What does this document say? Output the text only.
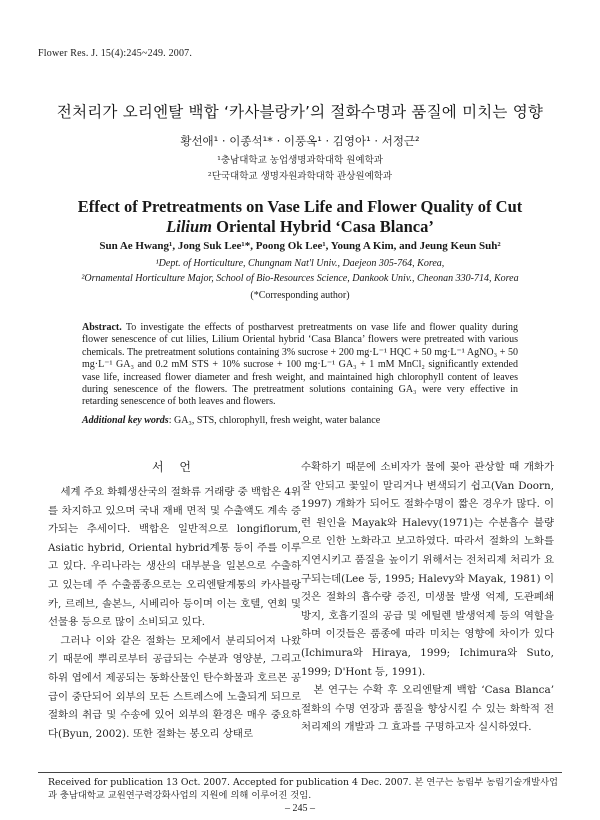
Flower Res. J. 15(4):245~249. 2007.
전처리가 오리엔탈 백합 ‘카사블랑카’의 절화수명과 품질에 미치는 영향
황선애¹ · 이종석¹* · 이풍옥¹ · 김영아¹ · 서정근²
¹충남대학교 농업생명과학대학 원예학과
²단국대학교 생명자원과학대학 관상원예학과
Effect of Pretreatments on Vase Life and Flower Quality of Cut
Lilium Oriental Hybrid ‘Casa Blanca’
Sun Ae Hwang¹, Jong Suk Lee¹*, Poong Ok Lee¹, Young A Kim, and Jeung Keun Suh²
¹Dept. of Horticulture, Chungnam Nat'l Univ., Daejeon 305-764, Korea,
²Ornamental Horticulture Major, School of Bio-Resources Science, Dankook Univ., Cheonan 330-714, Korea
(*Corresponding author)
Abstract. To investigate the effects of postharvest pretreatments on vase life and flower quality during flower senescence of cut lilies, Lilium Oriental hybrid ‘Casa Blanca’ flowers were pretreated with various chemicals. The pretreatment solutions containing 3% sucrose + 200 mg·L⁻¹ HQC + 50 mg·L⁻¹ AgNO₃ + 50 mg·L⁻¹ GA₃ and 0.2 mM STS + 10% sucrose + 100 mg·L⁻¹ GA₃ + 1 mM MnCl₂ significantly extended vase life, increased flower diameter and fresh weight, and maintained high chlorophyll content of leaves during senescence of the flowers. The pretreatment solutions containing GA₃ were very effective in retarding senescence of both leaves and flowers.
Additional key words: GA₃, STS, chlorophyll, fresh weight, water balance
서 언

세계 주요 화훼생산국의 절화류 거래량 중 백합은 4위를 차지하고 있으며 국내 재배 면적 및 수출액도 계속 증가되는 추세이다. 백합은 일반적으로 longiflorum, Asiatic hybrid, Oriental hybrid계통 등이 주를 이루고 있다. 우리나라는 생산의 대부분을 일본으로 수출하고 있는데 주 수출품종으로는 오리엔탈계통의 카사블랑카, 르레브, 솔본느, 시베리아 등이며 이는 호텔, 연회 및 선물용 등으로 많이 소비되고 있다.

그러나 이와 같은 절화는 모체에서 분리되어져 나왔기 때문에 뿌리로부터 공급되는 수분과 영양분, 그리고 하위 엽에서 제공되는 동화산물인 탄수화물과 호르몬 공급이 중단되어 외부의 모든 스트레스에 노출되게 되므로 절화의 취급 및 수송에 있어 외부의 환경은 매우 중요하다(Byun, 2002). 또한 절화는 봉오리 상태로

수확하기 때문에 소비자가 물에 꽂아 관상할 때 개화가 잘 안되고 꽃잎이 말리거나 변색되기 쉽고(Van Doorn, 1997) 개화가 되어도 절화수명이 짧은 경우가 많다. 이런 원인을 Mayak와 Halevy(1971)는 수분흡수 불량으로 인한 노화라고 보고하였다. 따라서 절화의 노화를 지연시키고 품질을 높이기 위해서는 전처리제 처리가 요구되는데(Lee 등, 1995; Halevy와 Mayak, 1981) 이것은 절화의 흡수량 증진, 미생물 발생 억제, 도관폐쇄 방지, 호흡기질의 공급 및 에틸렌 발생억제 등의 역할을 하며 이것들은 품종에 따라 미치는 영향에 차이가 있다(Ichimura와 Hiraya, 1999; Ichimura와 Suto, 1999; D'Hont 등, 1991).

본 연구는 수확 후 오리엔탈계 백합 ‘Casa Blanca’ 절화의 수명 연장과 품질을 향상시킬 수 있는 화학적 전처리제의 개발과 그 효과를 구명하고자 실시하였다.

Received for publication 13 Oct. 2007. Accepted for publication 4 Dec. 2007. 본 연구는 농림부 농림기술개발사업과 충남대학교 교원연구력강화사업의 지원에 의해 이루어진 것임.
– 245 –
